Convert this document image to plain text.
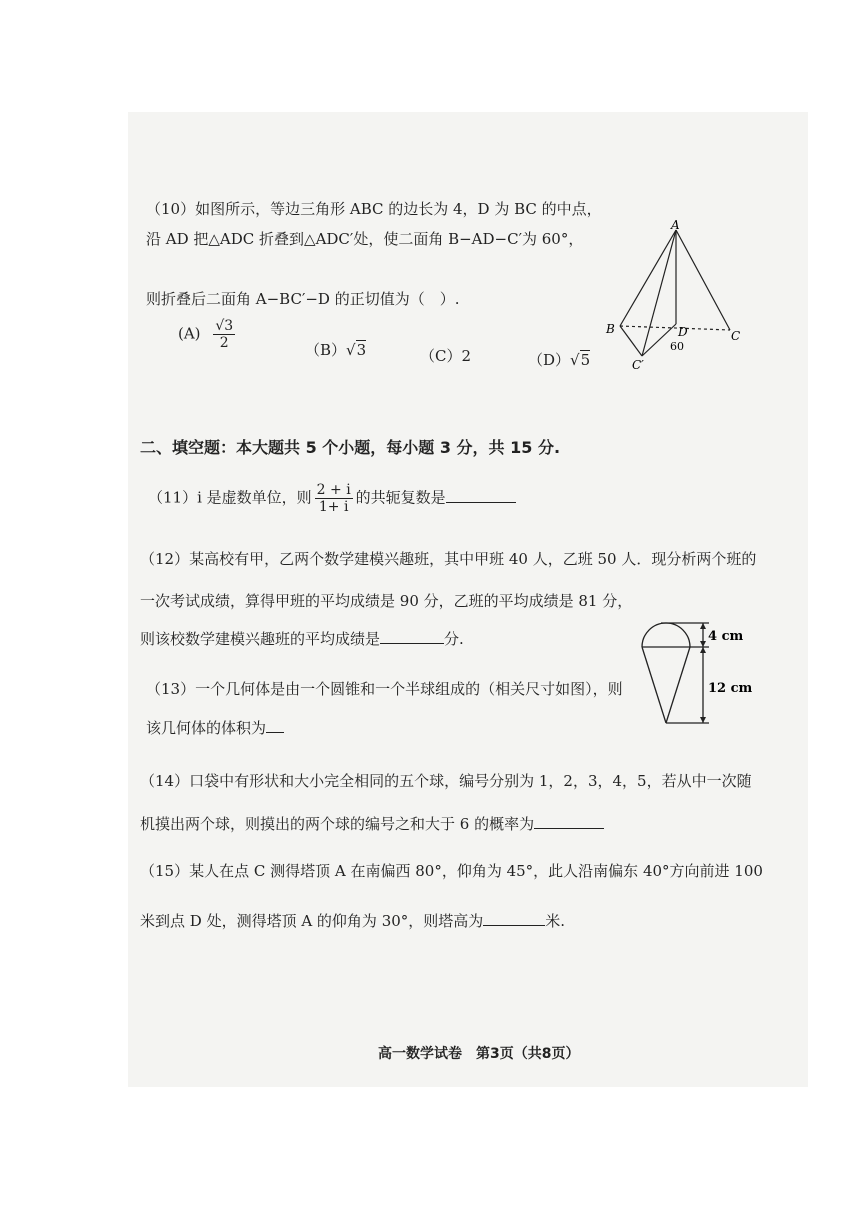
（10）如图所示，等边三角形 ABC 的边长为 4，D 为 BC 的中点，
沿 AD 把△ADC 折叠到△ADC′处，使二面角 B−AD−C′为 60°，
则折叠后二面角 A−BC′−D 的正切值为（　）.
$(A) \frac{√3}{2}$	（B）√3	（C）2	（D）√5
A
B	C
D
C′
60
二、填空题：本大题共 5 个小题，每小题 3 分，共 15 分.
（11）i 是虚数单位，则 $\frac{2 + i}{1+ i}$ 的共轭复数是
（12）某高校有甲，乙两个数学建模兴趣班，其中甲班 40 人，乙班 50 人．现分析两个班的
一次考试成绩，算得甲班的平均成绩是 90 分，乙班的平均成绩是 81 分，
则该校数学建模兴趣班的平均成绩是	分.	4 cm
12 cm
（13）一个几何体是由一个圆锥和一个半球组成的（相关尺寸如图），则
该几何体的体积为
（14）口袋中有形状和大小完全相同的五个球，编号分别为 1，2，3，4，5，若从中一次随
机摸出两个球，则摸出的两个球的编号之和大于 6 的概率为
（15）某人在点 C 测得塔顶 A 在南偏西 80°，仰角为 45°，此人沿南偏东 40°方向前进 100
米到点 D 处，测得塔顶 A 的仰角为 30°，则塔高为	米.
高一数学试卷　第3页（共8页）
